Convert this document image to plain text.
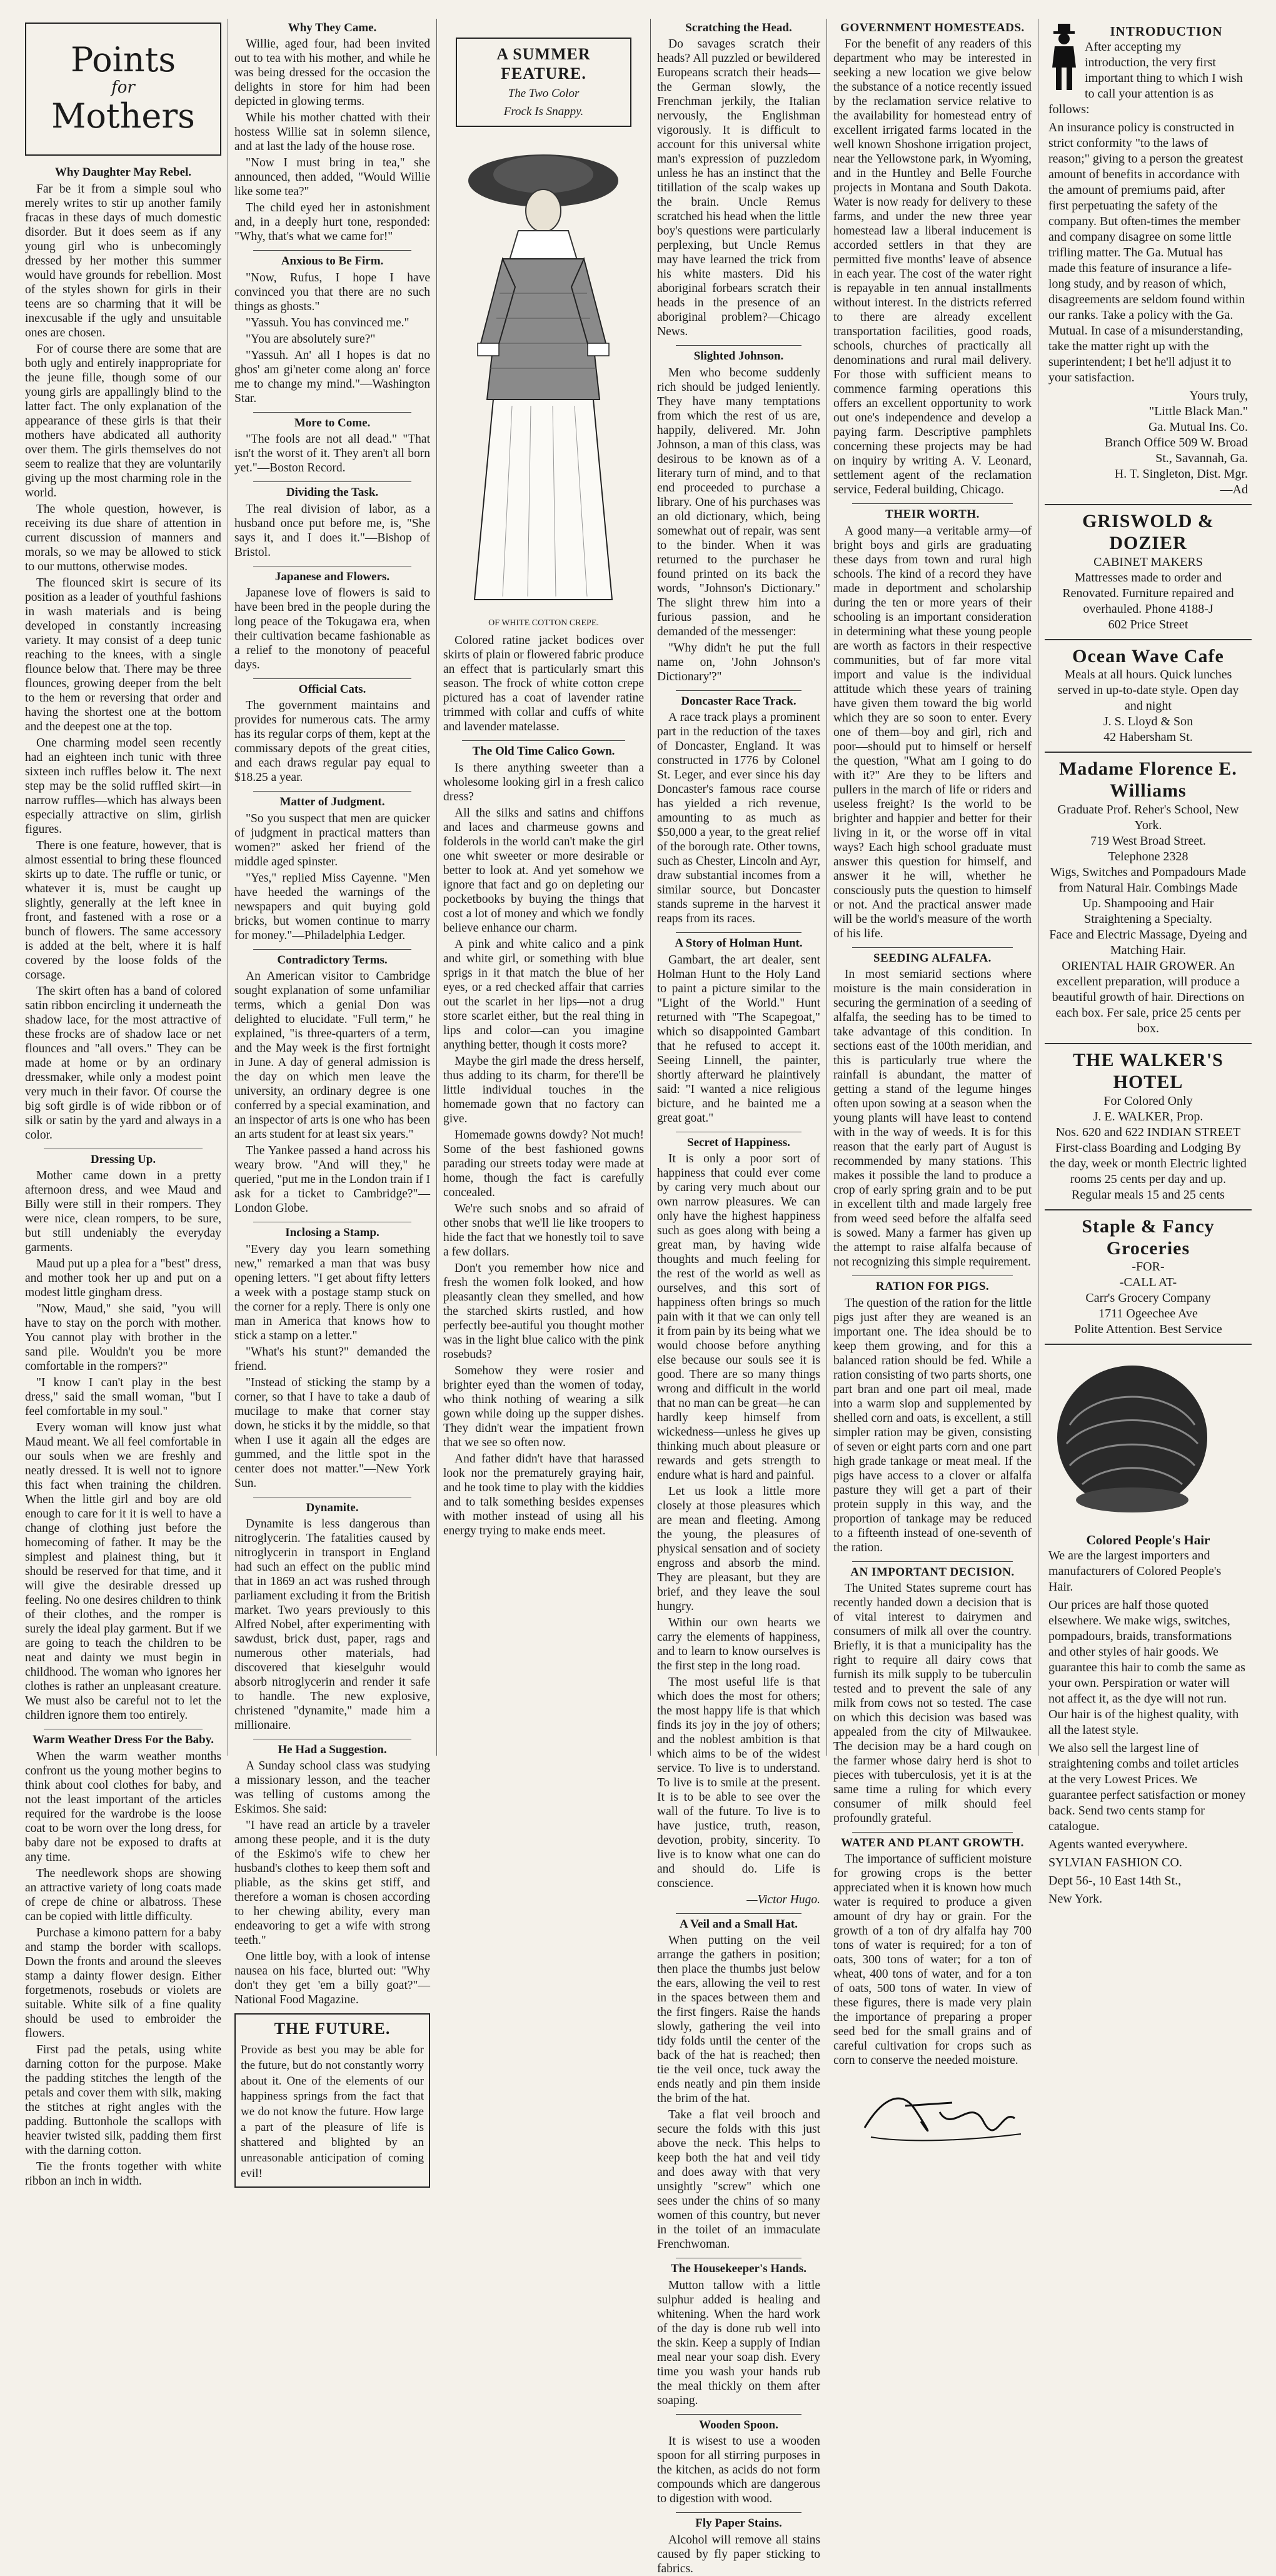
Points
for
Mothers
Why Daughter May Rebel.

Far be it from a simple soul who merely writes to stir up another family fracas in these days of much domestic disorder. But it does seem as if any young girl who is unbecomingly dressed by her mother this summer would have grounds for rebellion. Most of the styles shown for girls in their teens are so charming that it will be inexcusable if the ugly and unsuitable ones are chosen.

For of course there are some that are both ugly and entirely inappropriate for the jeune fille, though some of our young girls are appallingly blind to the latter fact. The only explanation of the appearance of these girls is that their mothers have abdicated all authority over them. The girls themselves do not seem to realize that they are voluntarily giving up the most charming role in the world.

The whole question, however, is receiving its due share of attention in current discussion of manners and morals, so we may be allowed to stick to our muttons, otherwise modes.

The flounced skirt is secure of its position as a leader of youthful fashions in wash materials and is being developed in constantly increasing variety. It may consist of a deep tunic reaching to the knees, with a single flounce below that. There may be three flounces, growing deeper from the belt to the hem or reversing that order and having the shortest one at the bottom and the deepest one at the top.

One charming model seen recently had an eighteen inch tunic with three sixteen inch ruffles below it. The next step may be the solid ruffled skirt—in narrow ruffles—which has always been especially attractive on slim, girlish figures.

There is one feature, however, that is almost essential to bring these flounced skirts up to date. The ruffle or tunic, or whatever it is, must be caught up slightly, generally at the left knee in front, and fastened with a rose or a bunch of flowers. The same accessory is added at the belt, where it is half covered by the loose folds of the corsage.

The skirt often has a band of colored satin ribbon encircling it underneath the shadow lace, for the most attractive of these frocks are of shadow lace or net flounces and "all overs." They can be made at home or by an ordinary dressmaker, while only a modest point very much in their favor. Of course the big soft girdle is of wide ribbon or of silk or satin by the yard and always in a color.

Dressing Up.

Mother came down in a pretty afternoon dress, and wee Maud and Billy were still in their rompers. They were nice, clean rompers, to be sure, but still undeniably the everyday garments.

Maud put up a plea for a "best" dress, and mother took her up and put on a modest little gingham dress.

"Now, Maud," she said, "you will have to stay on the porch with mother. You cannot play with brother in the sand pile. Wouldn't you be more comfortable in the rompers?"

"I know I can't play in the best dress," said the small woman, "but I feel comfortable in my soul."

Every woman will know just what Maud meant. We all feel comfortable in our souls when we are freshly and neatly dressed. It is well not to ignore this fact when training the children. When the little girl and boy are old enough to care for it it is well to have a change of clothing just before the homecoming of father. It may be the simplest and plainest thing, but it should be reserved for that time, and it will give the desirable dressed up feeling. No one desires children to think of their clothes, and the romper is surely the ideal play garment. But if we are going to teach the children to be neat and dainty we must begin in childhood. The woman who ignores her clothes is rather an unpleasant creature. We must also be careful not to let the children ignore them too entirely.

Warm Weather Dress For the Baby.

When the warm weather months confront us the young mother begins to think about cool clothes for baby, and not the least important of the articles required for the wardrobe is the loose coat to be worn over the long dress, for baby dare not be exposed to drafts at any time.

The needlework shops are showing an attractive variety of long coats made of crepe de chine or albatross. These can be copied with little difficulty.

Purchase a kimono pattern for a baby and stamp the border with scallops. Down the fronts and around the sleeves stamp a dainty flower design. Either forgetmenots, rosebuds or violets are suitable. White silk of a fine quality should be used to embroider the flowers.

First pad the petals, using white darning cotton for the purpose. Make the padding stitches the length of the petals and cover them with silk, making the stitches at right angles with the padding. Buttonhole the scallops with heavier twisted silk, padding them first with the darning cotton.

Tie the fronts together with white ribbon an inch in width.

Why They Came.

Willie, aged four, had been invited out to tea with his mother, and while he was being dressed for the occasion the delights in store for him had been depicted in glowing terms.

While his mother chatted with their hostess Willie sat in solemn silence, and at last the lady of the house rose.

"Now I must bring in tea," she announced, then added, "Would Willie like some tea?"

The child eyed her in astonishment and, in a deeply hurt tone, responded: "Why, that's what we came for!"

Anxious to Be Firm.

"Now, Rufus, I hope I have convinced you that there are no such things as ghosts."

"Yassuh. You has convinced me."

"You are absolutely sure?"

"Yassuh. An' all I hopes is dat no ghos' am gi'neter come along an' force me to change my mind."—Washington Star.

More to Come.

"The fools are not all dead." "That isn't the worst of it. They aren't all born yet."—Boston Record.

Dividing the Task.

The real division of labor, as a husband once put before me, is, "She says it, and I does it."—Bishop of Bristol.

Japanese and Flowers.

Japanese love of flowers is said to have been bred in the people during the long peace of the Tokugawa era, when their cultivation became fashionable as a relief to the monotony of peaceful days.

Official Cats.

The government maintains and provides for numerous cats. The army has its regular corps of them, kept at the commissary depots of the great cities, and each draws regular pay equal to $18.25 a year.

Matter of Judgment.

"So you suspect that men are quicker of judgment in practical matters than women?" asked her friend of the middle aged spinster.

"Yes," replied Miss Cayenne. "Men have heeded the warnings of the newspapers and quit buying gold bricks, but women continue to marry for money."—Philadelphia Ledger.

Contradictory Terms.

An American visitor to Cambridge sought explanation of some unfamiliar terms, which a genial Don was delighted to elucidate. "Full term," he explained, "is three-quarters of a term, and the May week is the first fortnight in June. A day of general admission is the day on which men leave the university, an ordinary degree is one conferred by a special examination, and an inspector of arts is one who has been an arts student for at least six years."

The Yankee passed a hand across his weary brow. "And will they," he queried, "put me in the London train if I ask for a ticket to Cambridge?"—London Globe.

Inclosing a Stamp.

"Every day you learn something new," remarked a man that was busy opening letters. "I get about fifty letters a week with a postage stamp stuck on the corner for a reply. There is only one man in America that knows how to stick a stamp on a letter."

"What's his stunt?" demanded the friend.

"Instead of sticking the stamp by a corner, so that I have to take a daub of mucilage to make that corner stay down, he sticks it by the middle, so that when I use it again all the edges are gummed, and the little spot in the center does not matter."—New York Sun.

Dynamite.

Dynamite is less dangerous than nitroglycerin. The fatalities caused by nitroglycerin in transport in England had such an effect on the public mind that in 1869 an act was rushed through parliament excluding it from the British market. Two years previously to this Alfred Nobel, after experimenting with sawdust, brick dust, paper, rags and numerous other materials, had discovered that kieselguhr would absorb nitroglycerin and render it safe to handle. The new explosive, christened "dynamite," made him a millionaire.

He Had a Suggestion.

A Sunday school class was studying a missionary lesson, and the teacher was telling of customs among the Eskimos. She said:

"I have read an article by a traveler among these people, and it is the duty of the Eskimo's wife to chew her husband's clothes to keep them soft and pliable, as the skins get stiff, and therefore a woman is chosen according to her chewing ability, every man endeavoring to get a wife with strong teeth."

One little boy, with a look of intense nausea on his face, blurted out: "Why don't they get 'em a billy goat?"—National Food Magazine.

THE FUTURE.

Provide as best you may be able for the future, but do not constantly worry about it. One of the elements of our happiness springs from the fact that we do not know the future. How large a part of the pleasure of life is shattered and blighted by an unreasonable anticipation of coming evil!

A SUMMER FEATURE.
The Two Color
Frock Is Snappy.
OF WHITE COTTON CREPE.

Colored ratine jacket bodices over skirts of plain or flowered fabric produce an effect that is particularly smart this season. The frock of white cotton crepe pictured has a coat of lavender ratine trimmed with collar and cuffs of white and lavender matelasse.

The Old Time Calico Gown.

Is there anything sweeter than a wholesome looking girl in a fresh calico dress?

All the silks and satins and chiffons and laces and charmeuse gowns and folderols in the world can't make the girl one whit sweeter or more desirable or better to look at. And yet somehow we ignore that fact and go on depleting our pocketbooks by buying the things that cost a lot of money and which we fondly believe enhance our charm.

A pink and white calico and a pink and white girl, or something with blue sprigs in it that match the blue of her eyes, or a red checked affair that carries out the scarlet in her lips—not a drug store scarlet either, but the real thing in lips and color—can you imagine anything better, though it costs more?

Maybe the girl made the dress herself, thus adding to its charm, for there'll be little individual touches in the homemade gown that no factory can give.

Homemade gowns dowdy? Not much! Some of the best fashioned gowns parading our streets today were made at home, though the fact is carefully concealed.

We're such snobs and so afraid of other snobs that we'll lie like troopers to hide the fact that we honestly toil to save a few dollars.

Don't you remember how nice and fresh the women folk looked, and how pleasantly clean they smelled, and how the starched skirts rustled, and how perfectly bee-autiful you thought mother was in the light blue calico with the pink rosebuds?

Somehow they were rosier and brighter eyed than the women of today, who think nothing of wearing a silk gown while doing up the supper dishes. They didn't wear the impatient frown that we see so often now.

And father didn't have that harassed look nor the prematurely graying hair, and he took time to play with the kiddies and to talk something besides expenses with mother instead of using all his energy trying to make ends meet.

Scratching the Head.

Do savages scratch their heads? All puzzled or bewildered Europeans scratch their heads—the German slowly, the Frenchman jerkily, the Italian nervously, the Englishman vigorously. It is difficult to account for this universal white man's expression of puzzledom unless he has an instinct that the titillation of the scalp wakes up the brain. Uncle Remus scratched his head when the little boy's questions were particularly perplexing, but Uncle Remus may have learned the trick from his white masters. Did his aboriginal forbears scratch their heads in the presence of an aboriginal problem?—Chicago News.

Slighted Johnson.

Men who become suddenly rich should be judged leniently. They have many temptations from which the rest of us are, happily, delivered. Mr. John Johnson, a man of this class, was desirous to be known as of a literary turn of mind, and to that end proceeded to purchase a library. One of his purchases was an old dictionary, which, being somewhat out of repair, was sent to the binder. When it was returned to the purchaser he found printed on its back the words, "Johnson's Dictionary." The slight threw him into a furious passion, and he demanded of the messenger:

"Why didn't he put the full name on, 'John Johnson's Dictionary'?"

Doncaster Race Track.

A race track plays a prominent part in the reduction of the taxes of Doncaster, England. It was constructed in 1776 by Colonel St. Leger, and ever since his day Doncaster's famous race course has yielded a rich revenue, amounting to as much as $50,000 a year, to the great relief of the borough rate. Other towns, such as Chester, Lincoln and Ayr, draw substantial incomes from a similar source, but Doncaster stands supreme in the harvest it reaps from its races.

A Story of Holman Hunt.

Gambart, the art dealer, sent Holman Hunt to the Holy Land to paint a picture similar to the "Light of the World." Hunt returned with "The Scapegoat," which so disappointed Gambart that he refused to accept it. Seeing Linnell, the painter, shortly afterward he plaintively said: "I wanted a nice religious bicture, and he bainted me a great goat."

Secret of Happiness.

It is only a poor sort of happiness that could ever come by caring very much about our own narrow pleasures. We can only have the highest happiness such as goes along with being a great man, by having wide thoughts and much feeling for the rest of the world as well as ourselves, and this sort of happiness often brings so much pain with it that we can only tell it from pain by its being what we would choose before anything else because our souls see it is good. There are so many things wrong and difficult in the world that no man can be great—he can hardly keep himself from wickedness—unless he gives up thinking much about pleasure or rewards and gets strength to endure what is hard and painful.

Let us look a little more closely at those pleasures which are mean and fleeting. Among the young, the pleasures of physical sensation and of society engross and absorb the mind. They are pleasant, but they are brief, and they leave the soul hungry.

Within our own hearts we carry the elements of happiness, and to learn to know ourselves is the first step in the long road.

The most useful life is that which does the most for others; the most happy life is that which finds its joy in the joy of others; and the noblest ambition is that which aims to be of the widest service. To live is to understand. To live is to smile at the present. It is to be able to see over the wall of the future. To live is to have justice, truth, reason, devotion, probity, sincerity. To live is to know what one can do and should do. Life is conscience.

—Victor Hugo.

A Veil and a Small Hat.

When putting on the veil arrange the gathers in position; then place the thumbs just below the ears, allowing the veil to rest in the spaces between them and the first fingers. Raise the hands slowly, gathering the veil into tidy folds until the center of the back of the hat is reached; then tie the veil once, tuck away the ends neatly and pin them inside the brim of the hat.

Take a flat veil brooch and secure the folds with this just above the neck. This helps to keep both the hat and veil tidy and does away with that very unsightly "screw" which one sees under the chins of so many women of this country, but never in the toilet of an immaculate Frenchwoman.

The Housekeeper's Hands.

Mutton tallow with a little sulphur added is healing and whitening. When the hard work of the day is done rub well into the skin. Keep a supply of Indian meal near your soap dish. Every time you wash your hands rub the meal thickly on them after soaping.

Wooden Spoon.

It is wisest to use a wooden spoon for all stirring purposes in the kitchen, as acids do not form compounds which are dangerous to digestion with wood.

Fly Paper Stains.

Alcohol will remove all stains caused by fly paper sticking to fabrics.

GOVERNMENT HOMESTEADS.

For the benefit of any readers of this department who may be interested in seeking a new location we give below the substance of a notice recently issued by the reclamation service relative to the availability for homestead entry of excellent irrigated farms located in the well known Shoshone irrigation project, near the Yellowstone park, in Wyoming, and in the Huntley and Belle Fourche projects in Montana and South Dakota. Water is now ready for delivery to these farms, and under the new three year homestead law a liberal inducement is accorded settlers in that they are permitted five months' leave of absence in each year. The cost of the water right is repayable in ten annual installments without interest. In the districts referred to there are already excellent transportation facilities, good roads, schools, churches of practically all denominations and rural mail delivery. For those with sufficient means to commence farming operations this offers an excellent opportunity to work out one's independence and develop a paying farm. Descriptive pamphlets concerning these projects may be had on inquiry by writing A. V. Leonard, settlement agent of the reclamation service, Federal building, Chicago.

THEIR WORTH.

A good many—a veritable army—of bright boys and girls are graduating these days from town and rural high schools. The kind of a record they have made in deportment and scholarship during the ten or more years of their schooling is an important consideration in determining what these young people are worth as factors in their respective communities, but of far more vital import and value is the individual attitude which these years of training have given them toward the big world which they are so soon to enter. Every one of them—boy and girl, rich and poor—should put to himself or herself the question, "What am I going to do with it?" Are they to be lifters and pullers in the march of life or riders and useless freight? Is the world to be brighter and happier and better for their living in it, or the worse off in vital ways? Each high school graduate must answer this question for himself, and answer it he will, whether he consciously puts the question to himself or not. And the practical answer made will be the world's measure of the worth of his life.

SEEDING ALFALFA.

In most semiarid sections where moisture is the main consideration in securing the germination of a seeding of alfalfa, the seeding has to be timed to take advantage of this condition. In sections east of the 100th meridian, and this is particularly true where the rainfall is abundant, the matter of getting a stand of the legume hinges often upon sowing at a season when the young plants will have least to contend with in the way of weeds. It is for this reason that the early part of August is recommended by many stations. This makes it possible the land to produce a crop of early spring grain and to be put in excellent tilth and made largely free from weed seed before the alfalfa seed is sowed. Many a farmer has given up the attempt to raise alfalfa because of not recognizing this simple requirement.

RATION FOR PIGS.

The question of the ration for the little pigs just after they are weaned is an important one. The idea should be to keep them growing, and for this a balanced ration should be fed. While a ration consisting of two parts shorts, one part bran and one part oil meal, made into a warm slop and supplemented by shelled corn and oats, is excellent, a still simpler ration may be given, consisting of seven or eight parts corn and one part high grade tankage or meat meal. If the pigs have access to a clover or alfalfa pasture they will get a part of their protein supply in this way, and the proportion of tankage may be reduced to a fifteenth instead of one-seventh of the ration.

AN IMPORTANT DECISION.

The United States supreme court has recently handed down a decision that is of vital interest to dairymen and consumers of milk all over the country. Briefly, it is that a municipality has the right to require all dairy cows that furnish its milk supply to be tuberculin tested and to prevent the sale of any milk from cows not so tested. The case on which this decision was based was appealed from the city of Milwaukee. The decision may be a hard cough on the farmer whose dairy herd is shot to pieces with tuberculosis, yet it is at the same time a ruling for which every consumer of milk should feel profoundly grateful.

WATER AND PLANT GROWTH.

The importance of sufficient moisture for growing crops is the better appreciated when it is known how much water is required to produce a given amount of dry hay or grain. For the growth of a ton of dry alfalfa hay 700 tons of water is required; for a ton of oats, 300 tons of water; for a ton of wheat, 400 tons of water, and for a ton of oats, 500 tons of water. In view of these figures, there is made very plain the importance of preparing a proper seed bed for the small grains and of careful cultivation for crops such as corn to conserve the needed moisture.

INTRODUCTION

After accepting my introduction, the very first important thing to which I wish to call your attention is as follows:

An insurance policy is constructed in strict conformity "to the laws of reason;" giving to a person the greatest amount of benefits in accordance with the amount of premiums paid, after first perpetuating the safety of the company. But often-times the member and company disagree on some little trifling matter. The Ga. Mutual has made this feature of insurance a life-long study, and by reason of which, disagreements are seldom found within our ranks. Take a policy with the Ga. Mutual. In case of a misunderstanding, take the matter right up with the superintendent; I bet he'll adjust it to your satisfaction.

Yours truly,
"Little Black Man."
Ga. Mutual Ins. Co.
Branch Office 509 W. Broad
St., Savannah, Ga.
H. T. Singleton, Dist. Mgr.
—Ad
GRISWOLD & DOZIER
CABINET MAKERS
Mattresses made to order and Renovated. Furniture repaired and overhauled. Phone 4188-J
602 Price Street
Ocean Wave Cafe
Meals at all hours. Quick lunches served in up-to-date style. Open day and night
J. S. Lloyd & Son
42 Habersham St.
Madame Florence E. Williams
Graduate Prof. Reher's School, New York.
719 West Broad Street.
Telephone 2328
Wigs, Switches and Pompadours Made from Natural Hair. Combings Made Up. Shampooing and Hair Straightening a Specialty.
Face and Electric Massage, Dyeing and Matching Hair.
ORIENTAL HAIR GROWER. An excellent preparation, will produce a beautiful growth of hair. Directions on each box. Fer sale, price 25 cents per box.
THE WALKER'S HOTEL
For Colored Only
J. E. WALKER, Prop.
Nos. 620 and 622 INDIAN STREET
First-class Boarding and Lodging By the day, week or month Electric lighted rooms 25 cents per day and up.
Regular meals 15 and 25 cents
Staple & Fancy Groceries
-FOR-
-CALL AT-
Carr's Grocery Company
1711 Ogeechee Ave
Polite Attention. Best Service
Colored People's Hair

We are the largest importers and manufacturers of Colored People's Hair.

Our prices are half those quoted elsewhere. We make wigs, switches, pompadours, braids, transformations and other styles of hair goods. We guarantee this hair to comb the same as your own. Perspiration or water will not affect it, as the dye will not run. Our hair is of the highest quality, with all the latest style.

We also sell the largest line of straightening combs and toilet articles at the very Lowest Prices. We guarantee perfect satisfaction or money back. Send two cents stamp for catalogue.

Agents wanted everywhere.

SYLVIAN FASHION CO.

Dept 56-, 10 East 14th St.,

New York.
